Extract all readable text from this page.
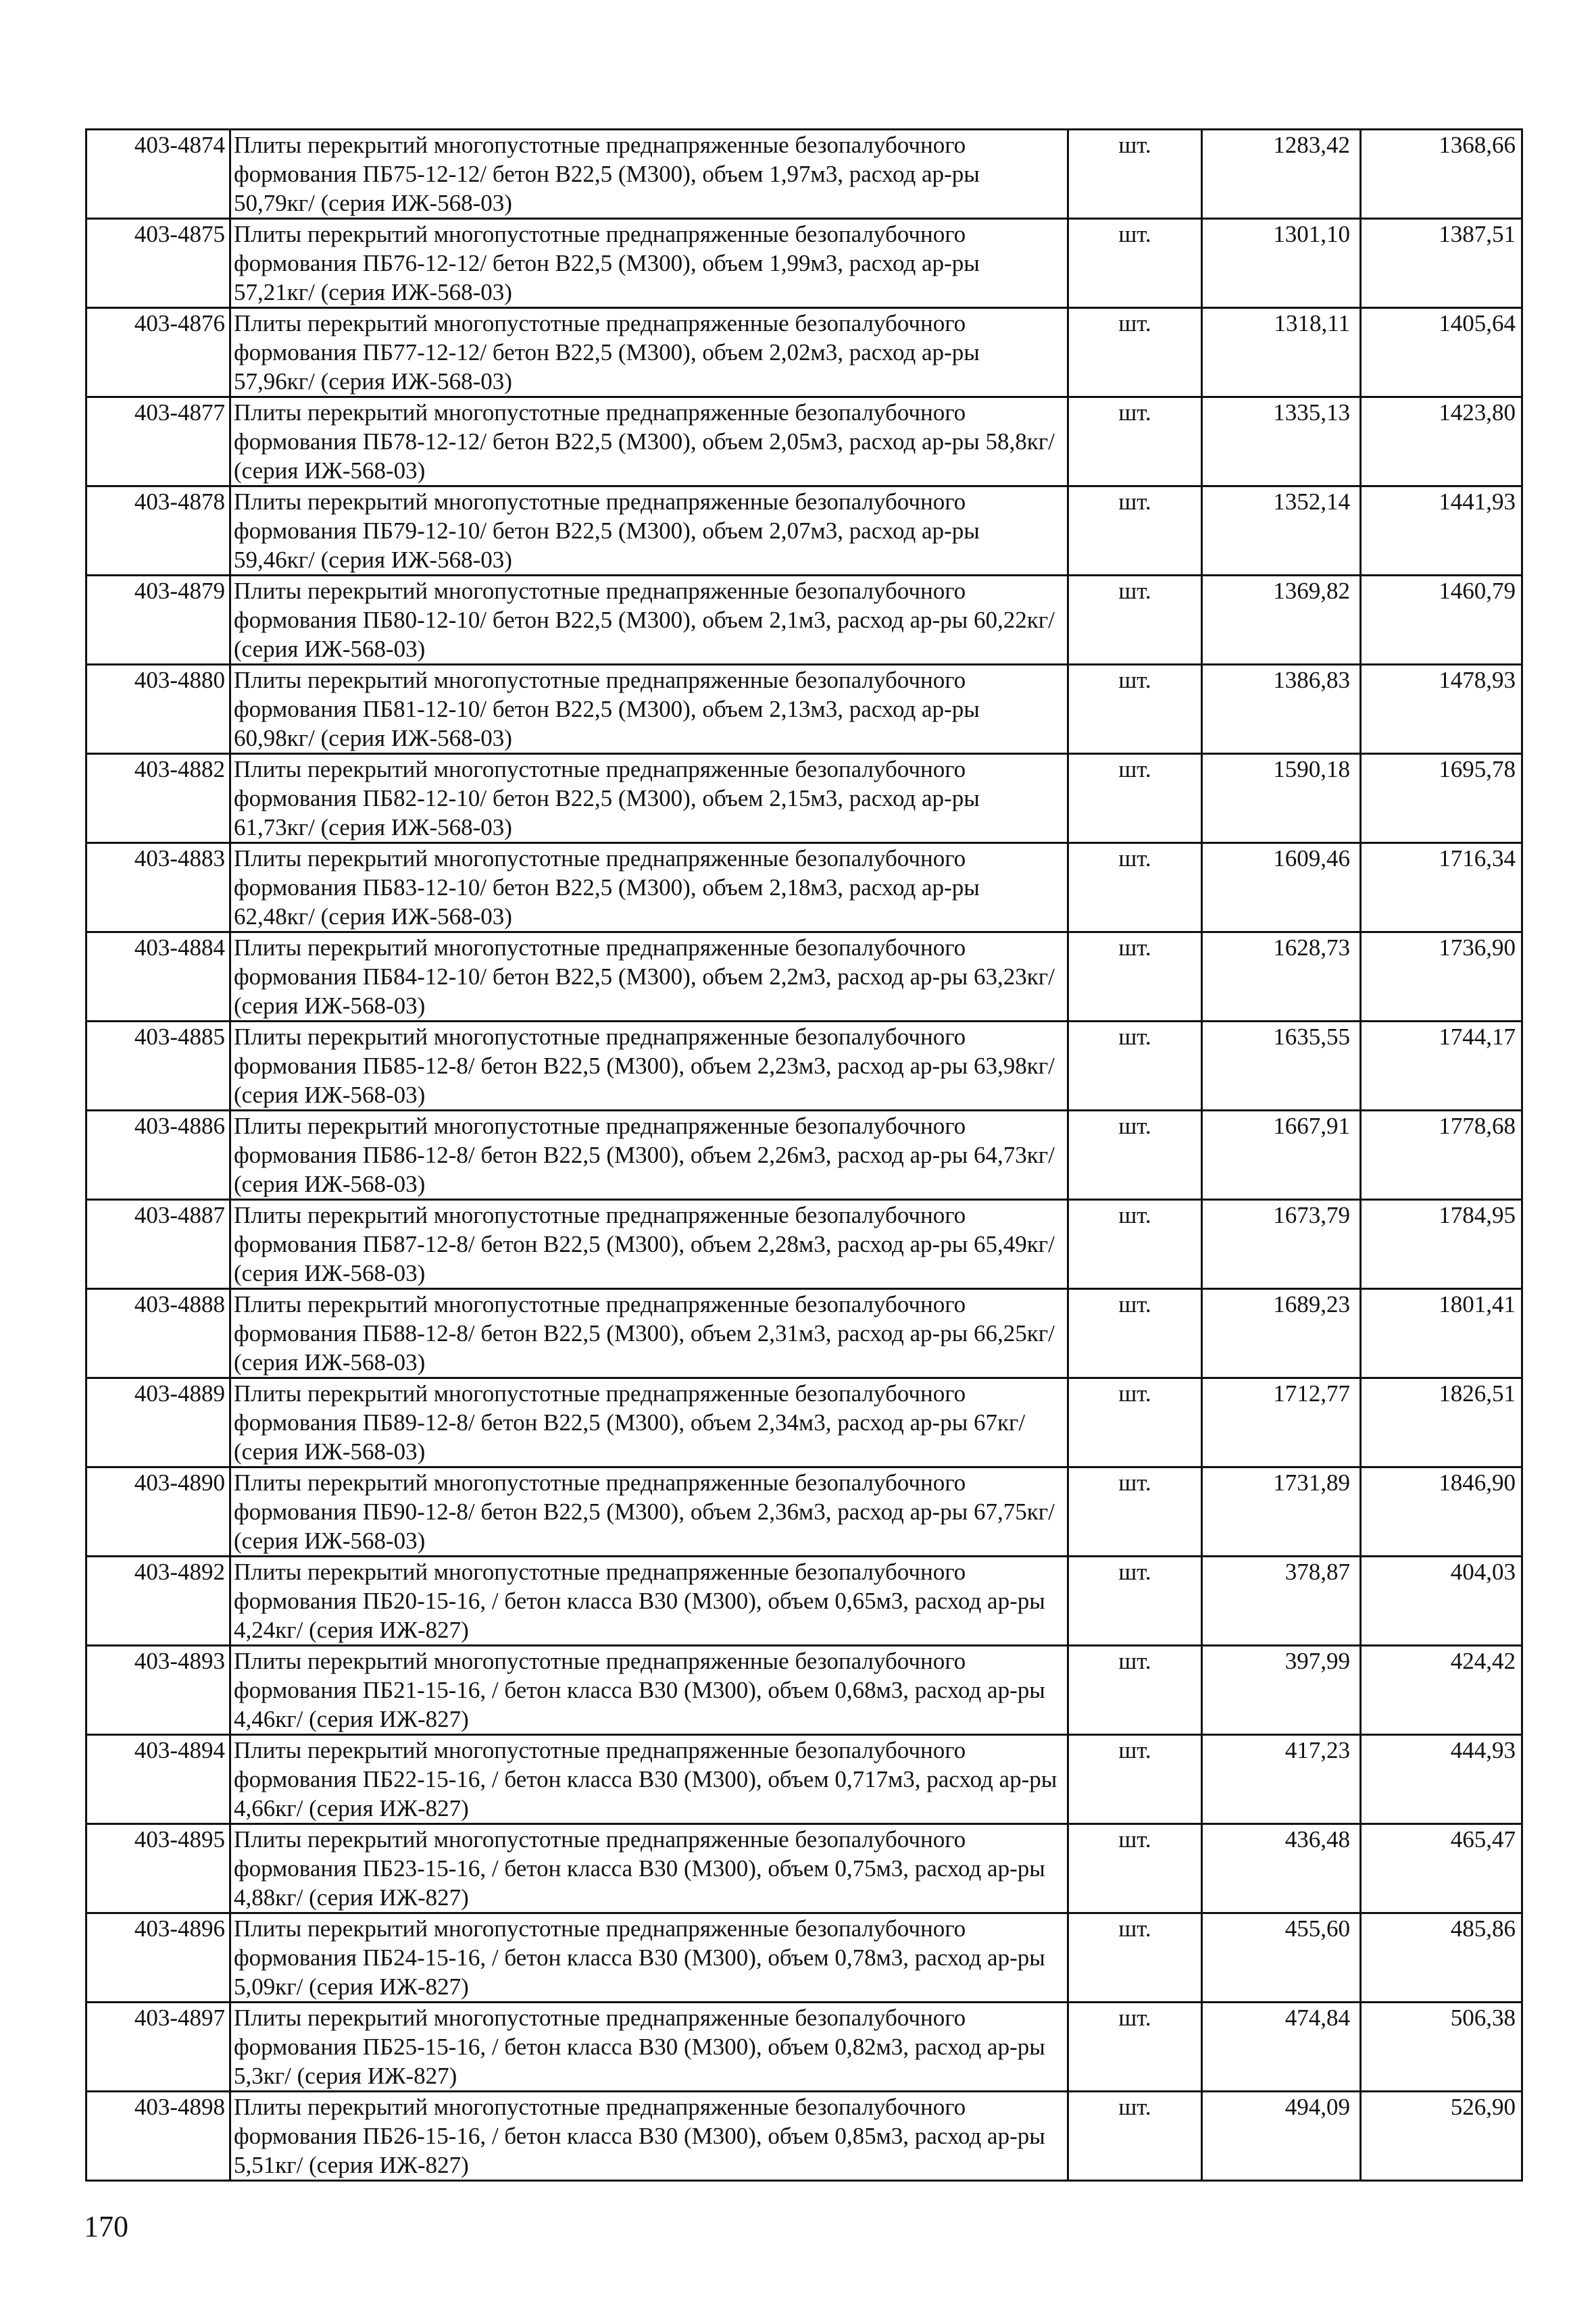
403-4874	Плиты перекрытий многопустотные преднапряженные безопалубочного формования ПБ75-12-12/ бетон В22,5 (М300), объем 1,97м3, расход ар-ры 50,79кг/ (серия ИЖ-568-03)	шт.	1283,42	1368,66
403-4875	Плиты перекрытий многопустотные преднапряженные безопалубочного формования ПБ76-12-12/ бетон В22,5 (М300), объем 1,99м3, расход ар-ры 57,21кг/ (серия ИЖ-568-03)	шт.	1301,10	1387,51
403-4876	Плиты перекрытий многопустотные преднапряженные безопалубочного формования ПБ77-12-12/ бетон В22,5 (М300), объем 2,02м3, расход ар-ры 57,96кг/ (серия ИЖ-568-03)	шт.	1318,11	1405,64
403-4877	Плиты перекрытий многопустотные преднапряженные безопалубочного формования ПБ78-12-12/ бетон В22,5 (М300), объем 2,05м3, расход ар-ры 58,8кг/ (серия ИЖ-568-03)	шт.	1335,13	1423,80
403-4878	Плиты перекрытий многопустотные преднапряженные безопалубочного формования ПБ79-12-10/ бетон В22,5 (М300), объем 2,07м3, расход ар-ры 59,46кг/ (серия ИЖ-568-03)	шт.	1352,14	1441,93
403-4879	Плиты перекрытий многопустотные преднапряженные безопалубочного формования ПБ80-12-10/ бетон В22,5 (М300), объем 2,1м3, расход ар-ры 60,22кг/ (серия ИЖ-568-03)	шт.	1369,82	1460,79
403-4880	Плиты перекрытий многопустотные преднапряженные безопалубочного формования ПБ81-12-10/ бетон В22,5 (М300), объем 2,13м3, расход ар-ры 60,98кг/ (серия ИЖ-568-03)	шт.	1386,83	1478,93
403-4882	Плиты перекрытий многопустотные преднапряженные безопалубочного формования ПБ82-12-10/ бетон В22,5 (М300), объем 2,15м3, расход ар-ры 61,73кг/ (серия ИЖ-568-03)	шт.	1590,18	1695,78
403-4883	Плиты перекрытий многопустотные преднапряженные безопалубочного формования ПБ83-12-10/ бетон В22,5 (М300), объем 2,18м3, расход ар-ры 62,48кг/ (серия ИЖ-568-03)	шт.	1609,46	1716,34
403-4884	Плиты перекрытий многопустотные преднапряженные безопалубочного формования ПБ84-12-10/ бетон В22,5 (М300), объем 2,2м3, расход ар-ры 63,23кг/ (серия ИЖ-568-03)	шт.	1628,73	1736,90
403-4885	Плиты перекрытий многопустотные преднапряженные безопалубочного формования ПБ85-12-8/ бетон В22,5 (М300), объем 2,23м3, расход ар-ры 63,98кг/ (серия ИЖ-568-03)	шт.	1635,55	1744,17
403-4886	Плиты перекрытий многопустотные преднапряженные безопалубочного формования ПБ86-12-8/ бетон В22,5 (М300), объем 2,26м3, расход ар-ры 64,73кг/ (серия ИЖ-568-03)	шт.	1667,91	1778,68
403-4887	Плиты перекрытий многопустотные преднапряженные безопалубочного формования ПБ87-12-8/ бетон В22,5 (М300), объем 2,28м3, расход ар-ры 65,49кг/ (серия ИЖ-568-03)	шт.	1673,79	1784,95
403-4888	Плиты перекрытий многопустотные преднапряженные безопалубочного формования ПБ88-12-8/ бетон В22,5 (М300), объем 2,31м3, расход ар-ры 66,25кг/ (серия ИЖ-568-03)	шт.	1689,23	1801,41
403-4889	Плиты перекрытий многопустотные преднапряженные безопалубочного формования ПБ89-12-8/ бетон В22,5 (М300), объем 2,34м3, расход ар-ры 67кг/ (серия ИЖ-568-03)	шт.	1712,77	1826,51
403-4890	Плиты перекрытий многопустотные преднапряженные безопалубочного формования ПБ90-12-8/ бетон В22,5 (М300), объем 2,36м3, расход ар-ры 67,75кг/ (серия ИЖ-568-03)	шт.	1731,89	1846,90
403-4892	Плиты перекрытий многопустотные преднапряженные безопалубочного формования ПБ20-15-16, / бетон класса В30 (М300), объем 0,65м3, расход ар-ры 4,24кг/ (серия ИЖ-827)	шт.	378,87	404,03
403-4893	Плиты перекрытий многопустотные преднапряженные безопалубочного формования ПБ21-15-16, / бетон класса В30 (М300), объем 0,68м3, расход ар-ры 4,46кг/ (серия ИЖ-827)	шт.	397,99	424,42
403-4894	Плиты перекрытий многопустотные преднапряженные безопалубочного формования ПБ22-15-16, / бетон класса В30 (М300), объем 0,717м3, расход ар-ры 4,66кг/ (серия ИЖ-827)	шт.	417,23	444,93
403-4895	Плиты перекрытий многопустотные преднапряженные безопалубочного формования ПБ23-15-16, / бетон класса В30 (М300), объем 0,75м3, расход ар-ры 4,88кг/ (серия ИЖ-827)	шт.	436,48	465,47
403-4896	Плиты перекрытий многопустотные преднапряженные безопалубочного формования ПБ24-15-16, / бетон класса В30 (М300), объем 0,78м3, расход ар-ры 5,09кг/ (серия ИЖ-827)	шт.	455,60	485,86
403-4897	Плиты перекрытий многопустотные преднапряженные безопалубочного формования ПБ25-15-16, / бетон класса В30 (М300), объем 0,82м3, расход ар-ры 5,3кг/ (серия ИЖ-827)	шт.	474,84	506,38
403-4898	Плиты перекрытий многопустотные преднапряженные безопалубочного формования ПБ26-15-16, / бетон класса В30 (М300), объем 0,85м3, расход ар-ры 5,51кг/ (серия ИЖ-827)	шт.	494,09	526,90
170
